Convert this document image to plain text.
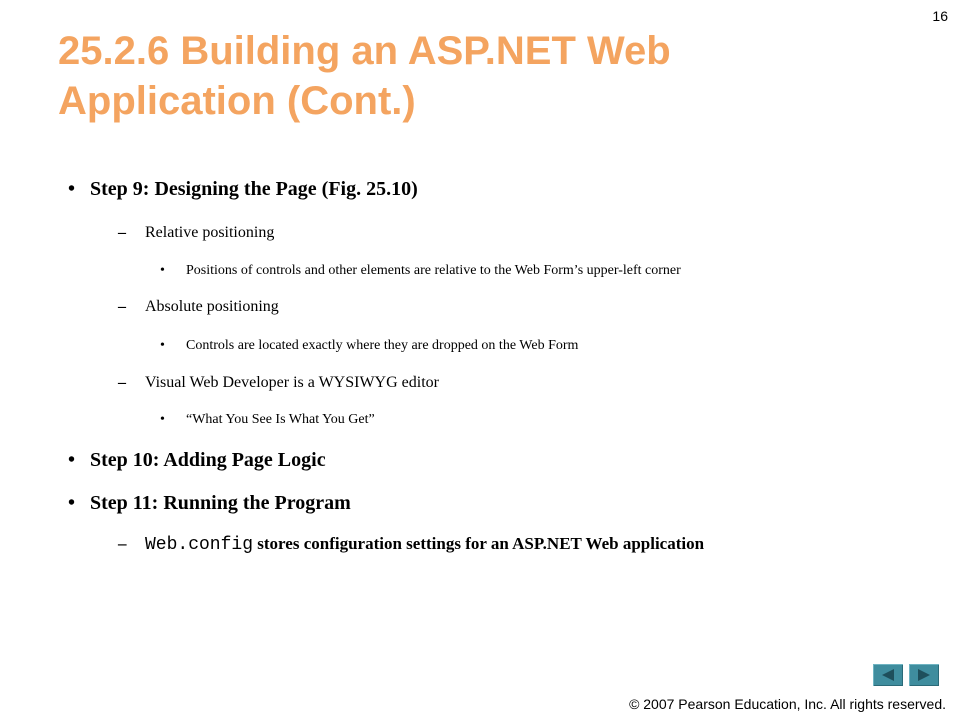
16
25.2.6 Building an ASP.NET Web
Application (Cont.)
• Step 9: Designing the Page (Fig. 25.10)
– Relative positioning
• Positions of controls and other elements are relative to the Web Form’s upper-left corner
– Absolute positioning
• Controls are located exactly where they are dropped on the Web Form
– Visual Web Developer is a WYSIWYG editor
• “What You See Is What You Get”
• Step 10: Adding Page Logic
• Step 11: Running the Program
– Web.config stores configuration settings for an ASP.NET Web application
© 2007 Pearson Education, Inc. All rights reserved.
